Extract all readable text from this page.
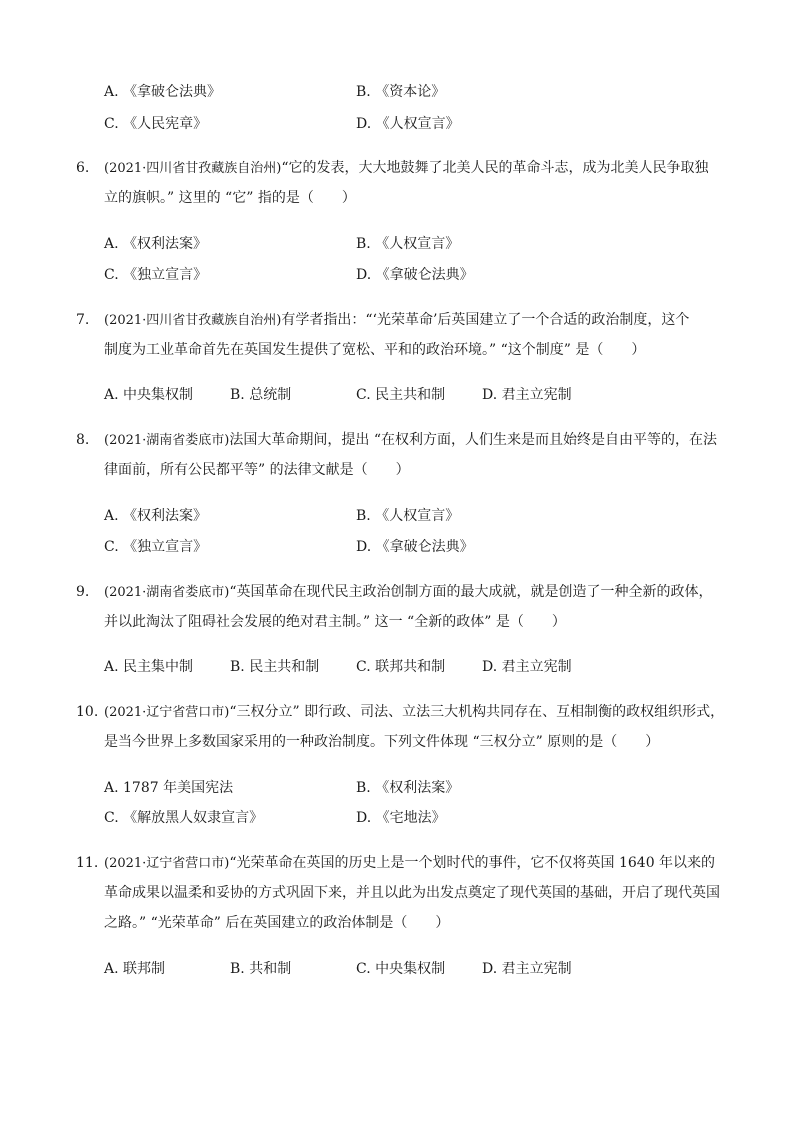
A. 《拿破仑法典》	B. 《资本论》
C. 《人民宪章》	D. 《人权宣言》
6. (2021·四川省甘孜藏族自治州)“它的发表，大大地鼓舞了北美人民的革命斗志，成为北美人民争取独
立的旗帜。” 这里的 “它” 指的是（　　）
A. 《权利法案》	B. 《人权宣言》
C. 《独立宣言》	D. 《拿破仑法典》
7. (2021·四川省甘孜藏族自治州)有学者指出：“‘光荣革命’后英国建立了一个合适的政治制度，这个
制度为工业革命首先在英国发生提供了宽松、平和的政治环境。” “这个制度” 是（　　）
A. 中央集权制	B. 总统制	C. 民主共和制	D. 君主立宪制
8. (2021·湖南省娄底市)法国大革命期间，提出 “在权利方面，人们生来是而且始终是自由平等的，在法
律面前，所有公民都平等” 的法律文献是（　　）
A. 《权利法案》	B. 《人权宣言》
C. 《独立宣言》	D. 《拿破仑法典》
9. (2021·湖南省娄底市)“英国革命在现代民主政治创制方面的最大成就，就是创造了一种全新的政体，
并以此淘汰了阻碍社会发展的绝对君主制。” 这一 “全新的政体” 是（　　）
A. 民主集中制	B. 民主共和制	C. 联邦共和制	D. 君主立宪制
10. (2021·辽宁省营口市)“三权分立” 即行政、司法、立法三大机构共同存在、互相制衡的政权组织形式，
是当今世界上多数国家采用的一种政治制度。下列文件体现 “三权分立” 原则的是（　　）
A. 1787 年美国宪法	B. 《权利法案》
C. 《解放黑人奴隶宣言》	D. 《宅地法》
11. (2021·辽宁省营口市)“光荣革命在英国的历史上是一个划时代的事件，它不仅将英国 1640 年以来的
革命成果以温柔和妥协的方式巩固下来，并且以此为出发点奠定了现代英国的基础，开启了现代英国
之路。” “光荣革命” 后在英国建立的政治体制是（　　）
A. 联邦制	B. 共和制	C. 中央集权制	D. 君主立宪制
